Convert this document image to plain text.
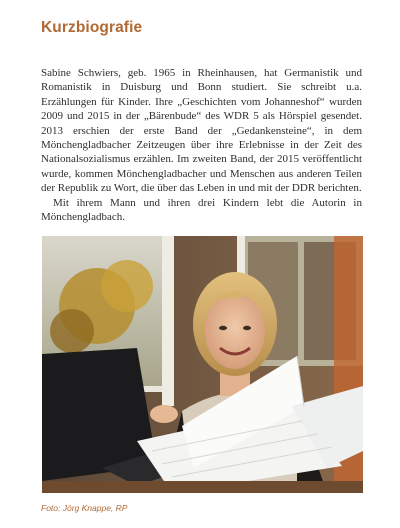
Kurzbiografie

Sabine Schwiers, geb. 1965 in Rheinhausen, hat Germanistik und Romanistik in Duisburg und Bonn studiert. Sie schreibt u.a. Erzählungen für Kinder. Ihre „Geschichten vom Johanneshof“ wurden 2009 und 2015 in der „Bärenbude“ des WDR 5 als Hörspiel gesendet. 2013 erschien der erste Band der „Gedankensteine“, in dem Mönchengladbacher Zeitzeugen über ihre Erlebnisse in der Zeit des Nationalsozialismus erzählen. Im zweiten Band, der 2015 veröffentlicht wurde, kommen Mönchengladbacher und Menschen aus anderen Teilen der Republik zu Wort, die über das Leben in und mit der DDR berichten.

Mit ihrem Mann und ihren drei Kindern lebt die Autorin in Mönchengladbach.

Foto: Jörg Knappe, RP
